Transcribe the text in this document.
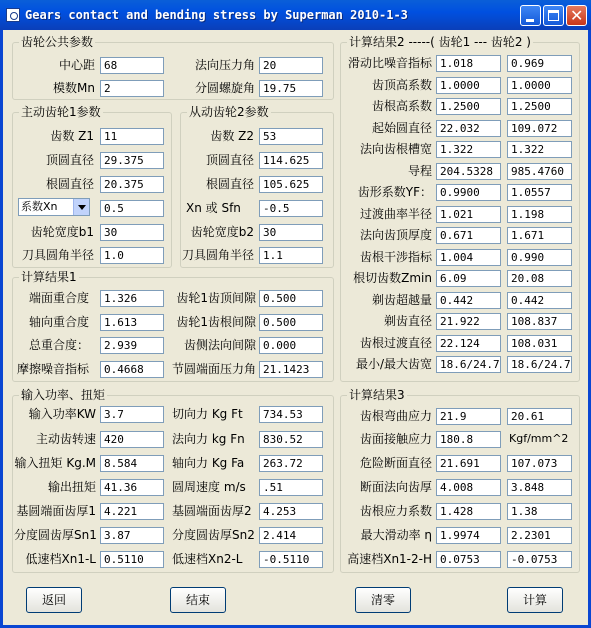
Gears contact and bending stress by Superman 2010-1-3	✕
齿轮公共参数
中心距 68
模数Mn 2
法向压力角 20
分圆螺旋角 19.75
主动齿轮1参数
齿数 Z1 11
顶圆直径 29.375
根圆直径 20.375
系数Xn	0.5
齿轮宽度b1 30
刀具圆角半径 1.0
从动齿轮2参数
齿数 Z2 53
顶圆直径 114.625
根圆直径 105.625
Xn 或 Sfn	-0.5
齿轮宽度b2 30
刀具圆角半径 1.1
计算结果1
端面重合度	1.326	齿轮1齿顶间隙 0.500
轴向重合度	1.613	齿轮1齿根间隙 0.500
总重合度：	2.939	齿侧法向间隙 0.000
摩擦噪音指标	0.4668	节圆端面压力角 21.1423
输入功率、扭矩
输入功率KW 3.7	切向力 Kg Ft	734.53
主动齿转速 420	法向力 kg Fn	830.52
输入扭矩 Kg.M 8.584	轴向力 Kg Fa	263.72
输出扭矩 41.36	圆周速度 m/s	.51
基圆端面齿厚1 4.221	基圆端面齿厚2	4.253
分度圆齿厚Sn1 3.87	分度圆齿厚Sn2 2.414
低速档Xn1-L 0.5110	低速档Xn2-L	-0.5110
计算结果2 -----( 齿轮1 --- 齿轮2 )
滑动比噪音指标 1.018	0.969
齿顶高系数 1.0000	1.0000
齿根高系数 1.2500	1.2500
起始圆直径 22.032	109.072
法向齿根槽宽 1.322	1.322
导程 204.5328	985.4760
齿形系数YF： 0.9900	1.0557
过渡曲率半径 1.021	1.198
法向齿顶厚度 0.671	1.671
齿根干涉指标 1.004	0.990
根切齿数Zmin 6.09	20.08
剃齿超越量 0.442	0.442
剃齿直径 21.922	108.837
齿根过渡直径 22.124	108.031
最小/最大齿宽 18.6/24.7	18.6/24.7
计算结果3
齿根弯曲应力 21.9	20.61
齿面接触应力 180.8	Kgf/mm^2
危险断面直径 21.691	107.073
断面法向齿厚 4.008	3.848
齿根应力系数 1.428	1.38
最大滑动率 η 1.9974	2.2301
高速档Xn1-2-H 0.0753	-0.0753
返回	结束	清零	计算
